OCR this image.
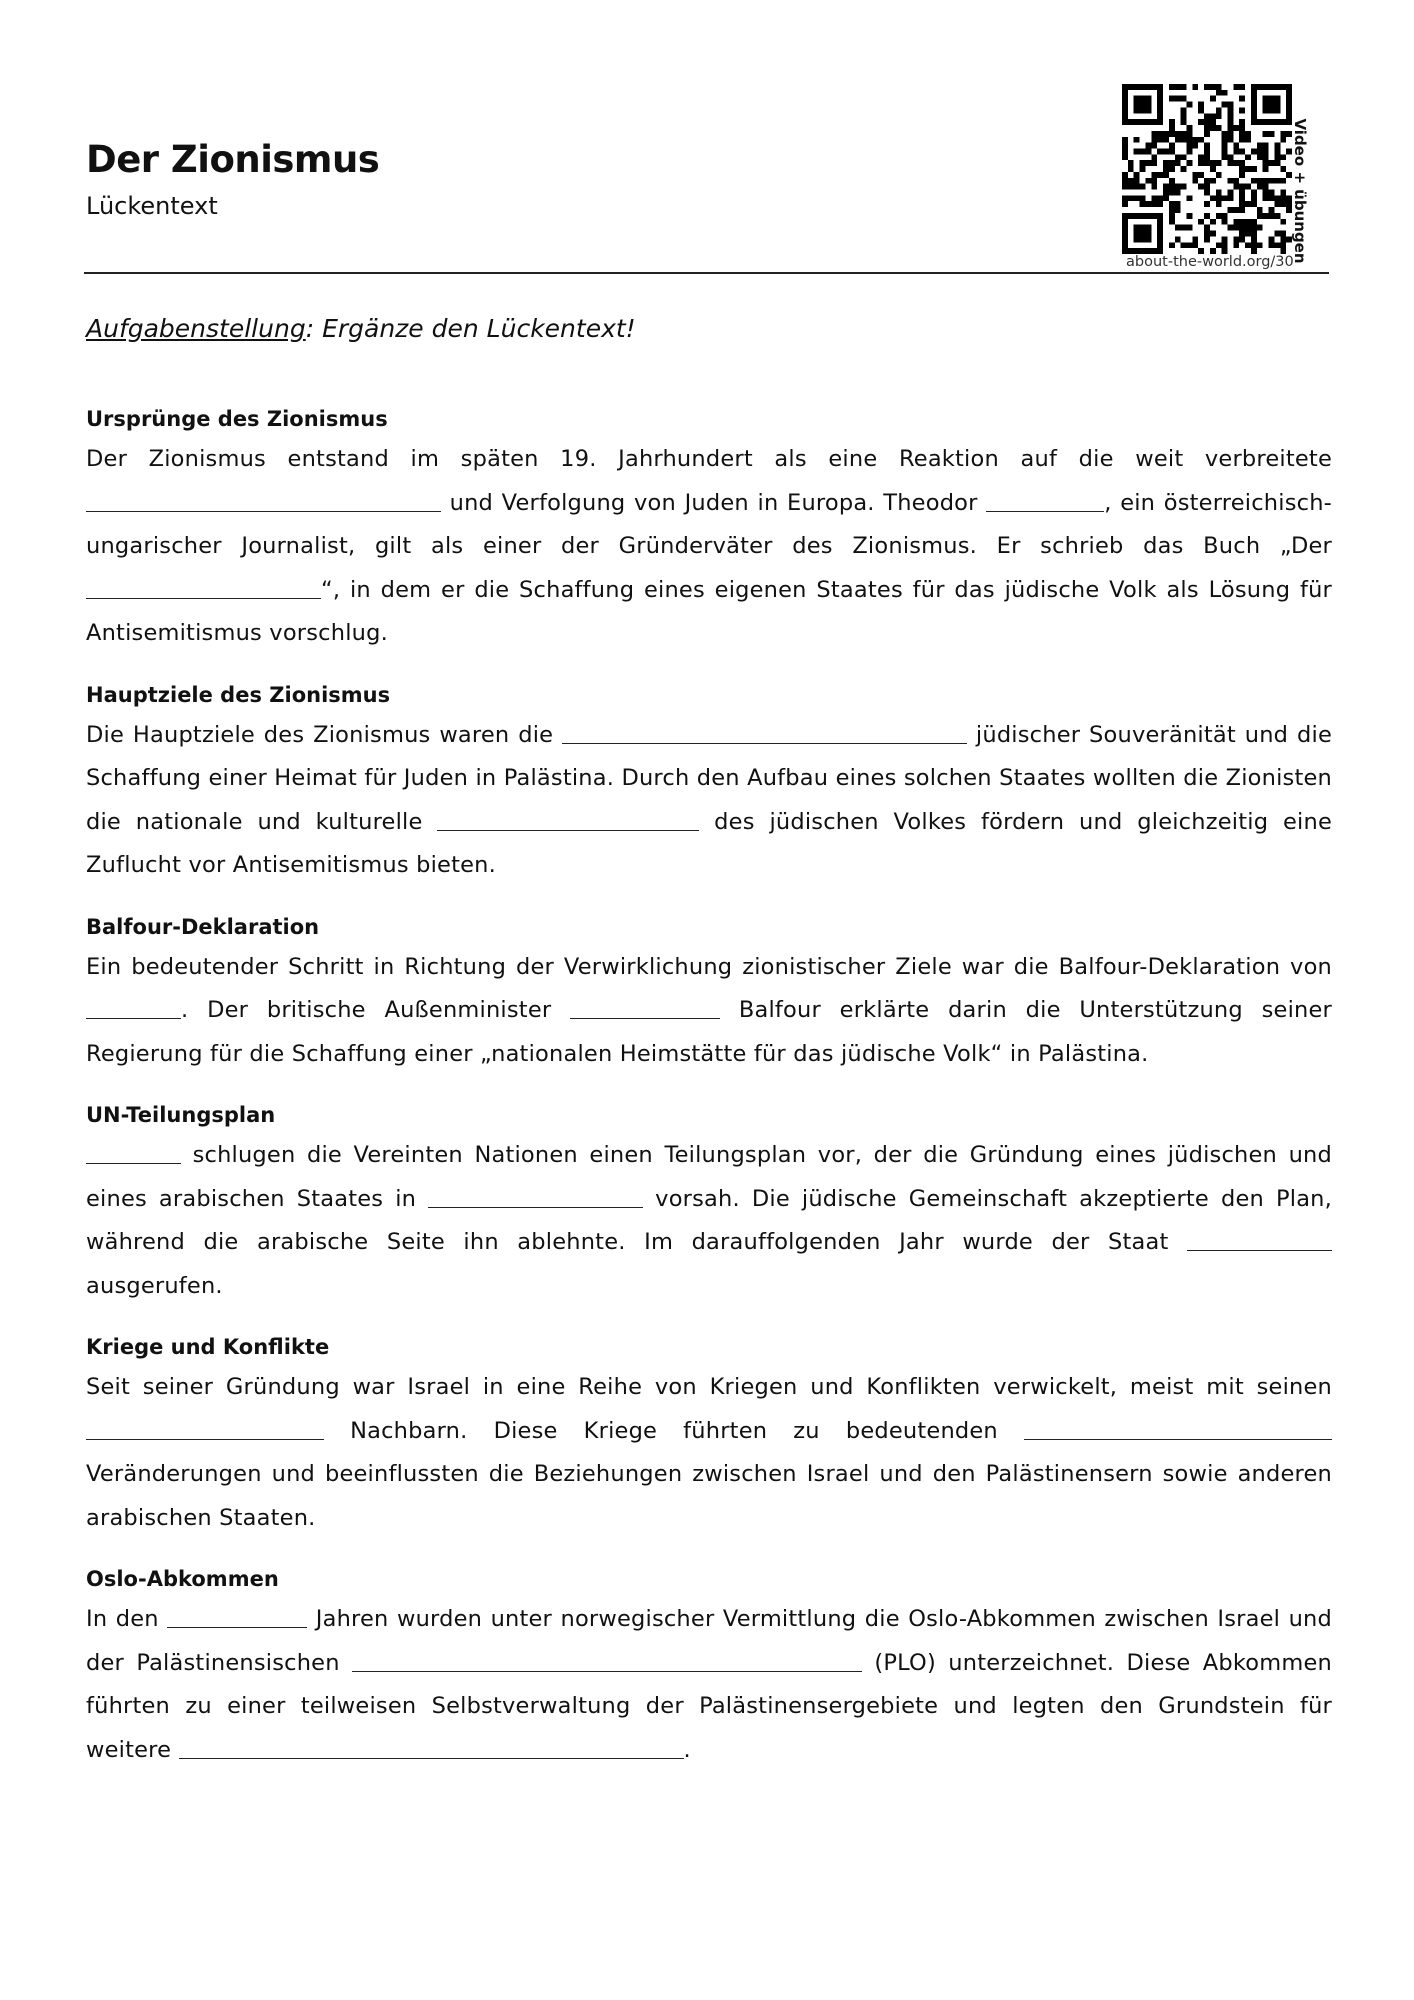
Der Zionismus
Lückentext
about-the-world.org/30
Video + übungen
Aufgabenstellung: Ergänze den Lückentext!
Ursprünge des Zionismus
Der Zionismus entstand im späten 19. Jahrhundert als eine Reaktion auf die weit verbreitete  und Verfolgung von Juden in Europa. Theodor	, ein österreichisch-ungarischer Journalist, gilt als einer der Gründerväter des Zionismus. Er schrieb das Buch „Der “, in dem er die Schaffung eines eigenen Staates für das jüdische Volk als Lösung für Antisemitismus vorschlug.
Hauptziele des Zionismus
Die Hauptziele des Zionismus waren die	jüdischer Souveränität und die Schaffung einer Heimat für Juden in Palästina. Durch den Aufbau eines solchen Staates wollten die Zionisten die nationale und kulturelle	des jüdischen Volkes fördern und gleichzeitig eine Zuflucht vor Antisemitismus bieten.
Balfour-Deklaration
Ein bedeutender Schritt in Richtung der Verwirklichung zionistischer Ziele war die Balfour-Deklaration von . Der britische Außenminister	Balfour erklärte darin die Unterstützung seiner Regierung für die Schaffung einer „nationalen Heimstätte für das jüdische Volk“ in Palästina.
UN-Teilungsplan
schlugen die Vereinten Nationen einen Teilungsplan vor, der die Gründung eines jüdischen und eines arabischen Staates in	vorsah. Die jüdische Gemeinschaft akzeptierte den Plan, während die arabische Seite ihn ablehnte. Im darauffolgenden Jahr wurde der Staat  ausgerufen.
Kriege und Konflikte
Seit seiner Gründung war Israel in eine Reihe von Kriegen und Konflikten verwickelt, meist mit seinen  Nachbarn. Diese Kriege führten zu bedeutenden  Veränderungen und beeinflussten die Beziehungen zwischen Israel und den Palästinensern sowie anderen arabischen Staaten.
Oslo-Abkommen
In den	Jahren wurden unter norwegischer Vermittlung die Oslo-Abkommen zwischen Israel und der Palästinensischen	(PLO) unterzeichnet. Diese Abkommen führten zu einer teilweisen Selbstverwaltung der Palästinensergebiete und legten den Grundstein für weitere	.
